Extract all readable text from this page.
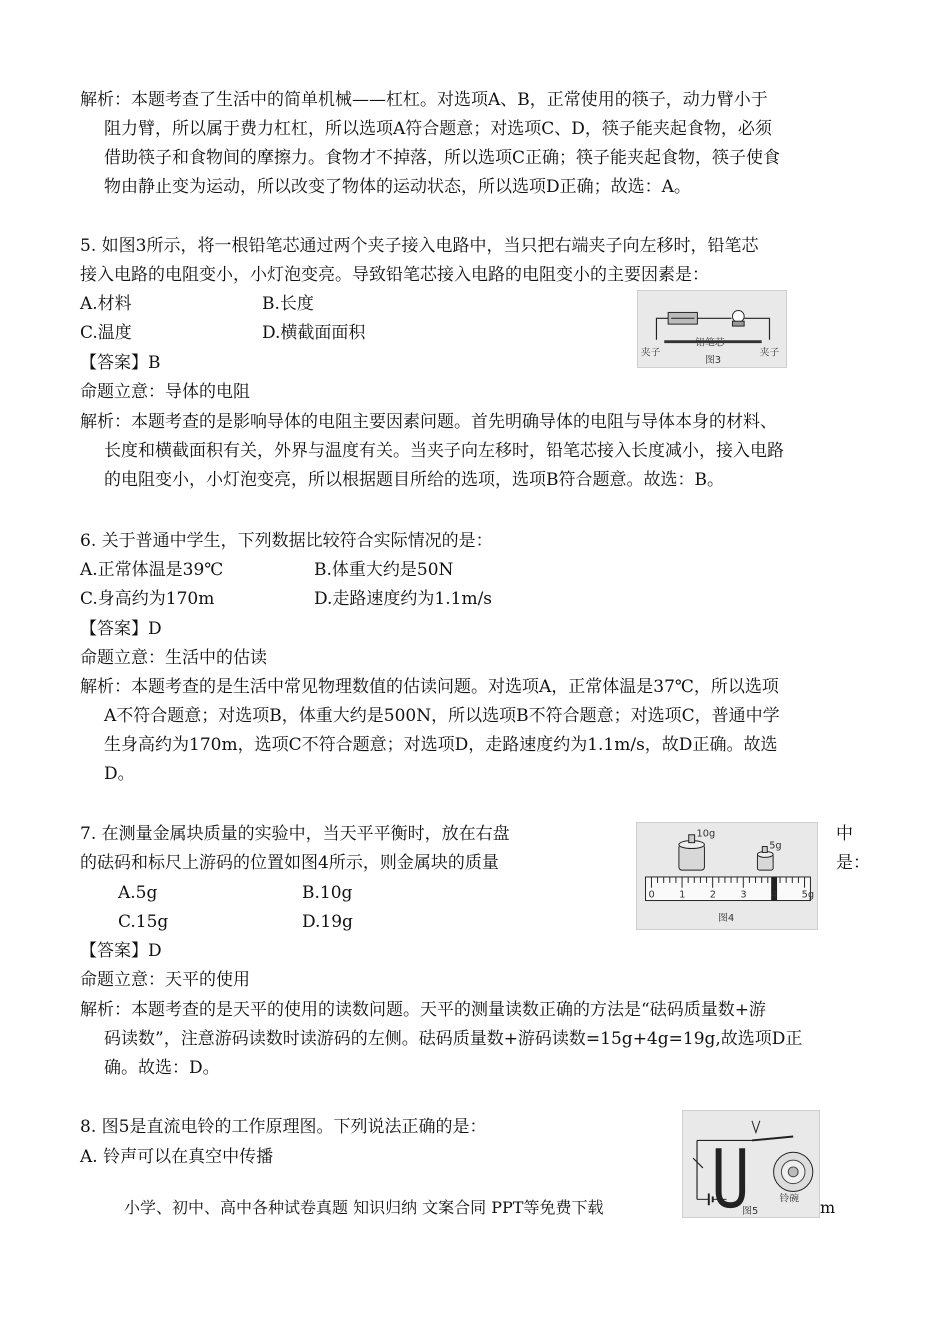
解析：本题考查了生活中的简单机械——杠杠。对选项A、B，正常使用的筷子，动力臂小于
阻力臂，所以属于费力杠杠，所以选项A符合题意；对选项C、D，筷子能夹起食物，必须
借助筷子和食物间的摩擦力。食物才不掉落，所以选项C正确；筷子能夹起食物，筷子使食
物由静止变为运动，所以改变了物体的运动状态，所以选项D正确；故选：A。
5. 如图3所示，将一根铅笔芯通过两个夹子接入电路中，当只把右端夹子向左移时，铅笔芯
接入电路的电阻变小，小灯泡变亮。导致铅笔芯接入电路的电阻变小的主要因素是：
A.材料	B.长度
C.温度	D.横截面面积
【答案】B
命题立意：导体的电阻
解析：本题考查的是影响导体的电阻主要因素问题。首先明确导体的电阻与导体本身的材料、
长度和横截面积有关，外界与温度有关。当夹子向左移时，铅笔芯接入长度减小，接入电路
的电阻变小，小灯泡变亮，所以根据题目所给的选项，选项B符合题意。故选：B。
夹子
铅笔芯
夹子
图3
6. 关于普通中学生，下列数据比较符合实际情况的是：
A.正常体温是39℃	B.体重大约是50N
C.身高约为170m	D.走路速度约为1.1m/s
【答案】D
命题立意：生活中的估读
解析：本题考查的是生活中常见物理数值的估读问题。对选项A，正常体温是37℃，所以选项
A不符合题意；对选项B，体重大约是500N，所以选项B不符合题意；对选项C，普通中学
生身高约为170m，选项C不符合题意；对选项D，走路速度约为1.1m/s，故D正确。故选
D。
7. 在测量金属块质量的实验中，当天平平衡时，放在右盘	中
的砝码和标尺上游码的位置如图4所示，则金属块的质量	是：
A.5g	B.10g
C.15g	D.19g
【答案】D
命题立意：天平的使用
解析：本题考查的是天平的使用的读数问题。天平的测量读数正确的方法是“砝码质量数+游
码读数”，注意游码读数时读游码的左侧。砝码质量数+游码读数=15g+4g=19g,故选项D正
确。故选：D。
10g
5g
0 1 2 3 4 5g
图4
8. 图5是直流电铃的工作原理图。下列说法正确的是：
A. 铃声可以在真空中传播
铃碗
图5
小学、初中、高中各种试卷真题 知识归纳 文案合同 PPT等免费下载	m
